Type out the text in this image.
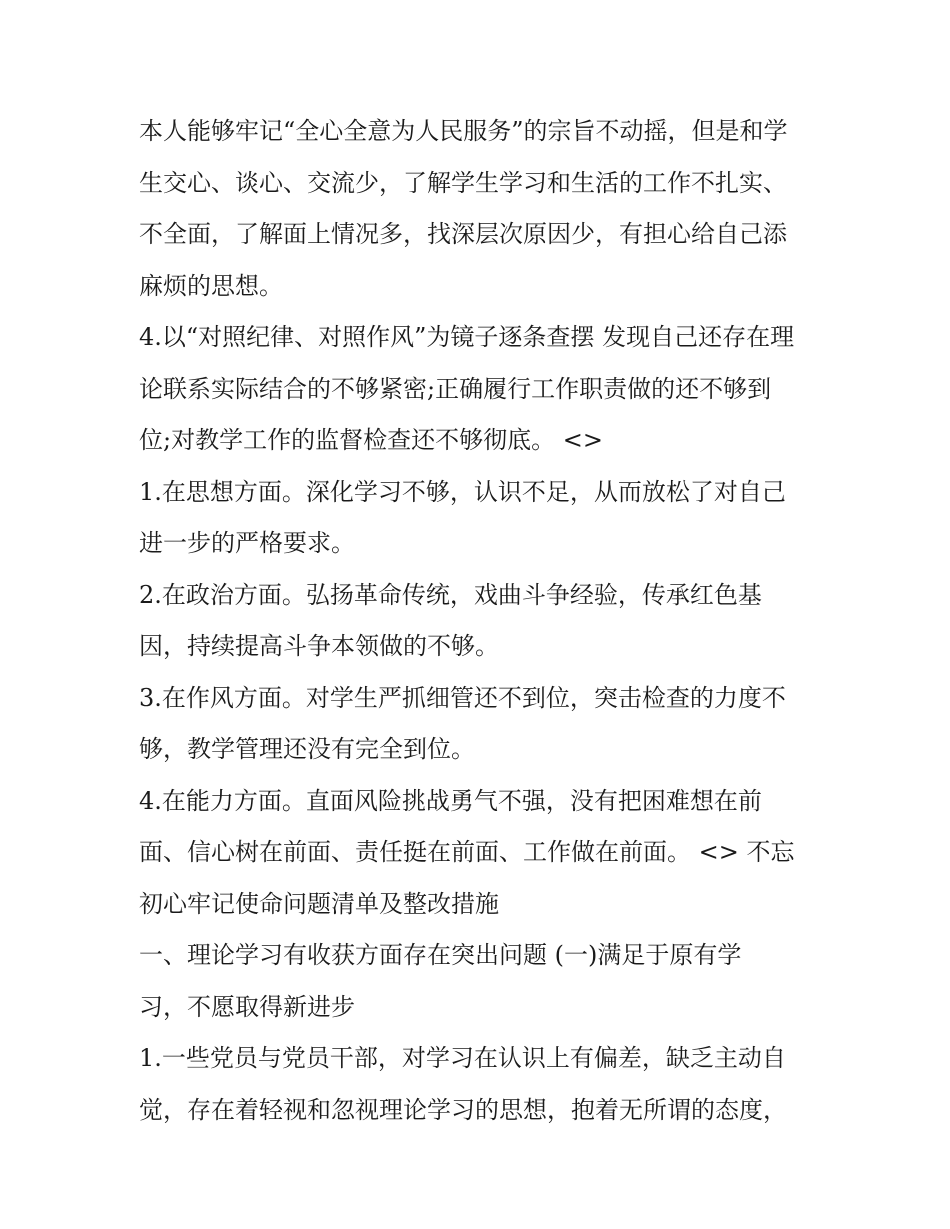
本人能够牢记“全心全意为人民服务”的宗旨不动摇，但是和学
生交心、谈心、交流少，了解学生学习和生活的工作不扎实、
不全面，了解面上情况多，找深层次原因少，有担心给自己添
麻烦的思想。
4.以“对照纪律、对照作风”为镜子逐条查摆 发现自己还存在理
论联系实际结合的不够紧密;正确履行工作职责做的还不够到
位;对教学工作的监督检查还不够彻底。 <>
1.在思想方面。深化学习不够，认识不足，从而放松了对自己
进一步的严格要求。
2.在政治方面。弘扬革命传统，戏曲斗争经验，传承红色基
因，持续提高斗争本领做的不够。
3.在作风方面。对学生严抓细管还不到位，突击检查的力度不
够，教学管理还没有完全到位。
4.在能力方面。直面风险挑战勇气不强，没有把困难想在前
面、信心树在前面、责任挺在前面、工作做在前面。 <> 不忘
初心牢记使命问题清单及整改措施
一、理论学习有收获方面存在突出问题 (一)满足于原有学
习，不愿取得新进步
1.一些党员与党员干部，对学习在认识上有偏差，缺乏主动自
觉，存在着轻视和忽视理论学习的思想，抱着无所谓的态度，
